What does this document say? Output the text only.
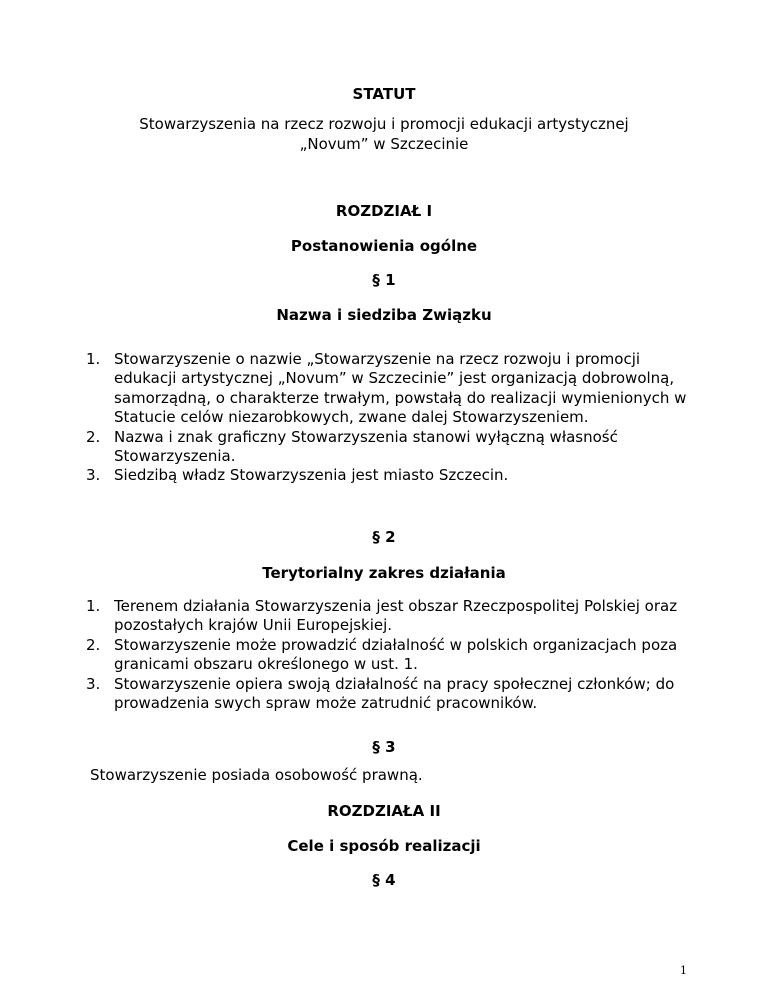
STATUT
Stowarzyszenia na rzecz rozwoju i promocji edukacji artystycznej
„Novum” w Szczecinie
ROZDZIAŁ I
Postanowienia ogólne
§ 1
Nazwa i siedziba Związku
1. Stowarzyszenie o nazwie „Stowarzyszenie na rzecz rozwoju i promocji edukacji artystycznej „Novum” w Szczecinie” jest organizacją dobrowolną, samorządną, o charakterze trwałym, powstałą do realizacji wymienionych w Statucie celów niezarobkowych, zwane dalej Stowarzyszeniem.
2. Nazwa i znak graficzny Stowarzyszenia stanowi wyłączną własność Stowarzyszenia.
3. Siedzibą władz Stowarzyszenia jest miasto Szczecin.
§ 2
Terytorialny zakres działania
1. Terenem działania Stowarzyszenia jest obszar Rzeczpospolitej Polskiej oraz pozostałych krajów Unii Europejskiej.
2. Stowarzyszenie może prowadzić działalność w polskich organizacjach poza granicami obszaru określonego w ust. 1.
3. Stowarzyszenie opiera swoją działalność na pracy społecznej członków; do prowadzenia swych spraw może zatrudnić pracowników.
§ 3
Stowarzyszenie posiada osobowość prawną.
ROZDZIAŁA II
Cele i sposób realizacji
§ 4
1
